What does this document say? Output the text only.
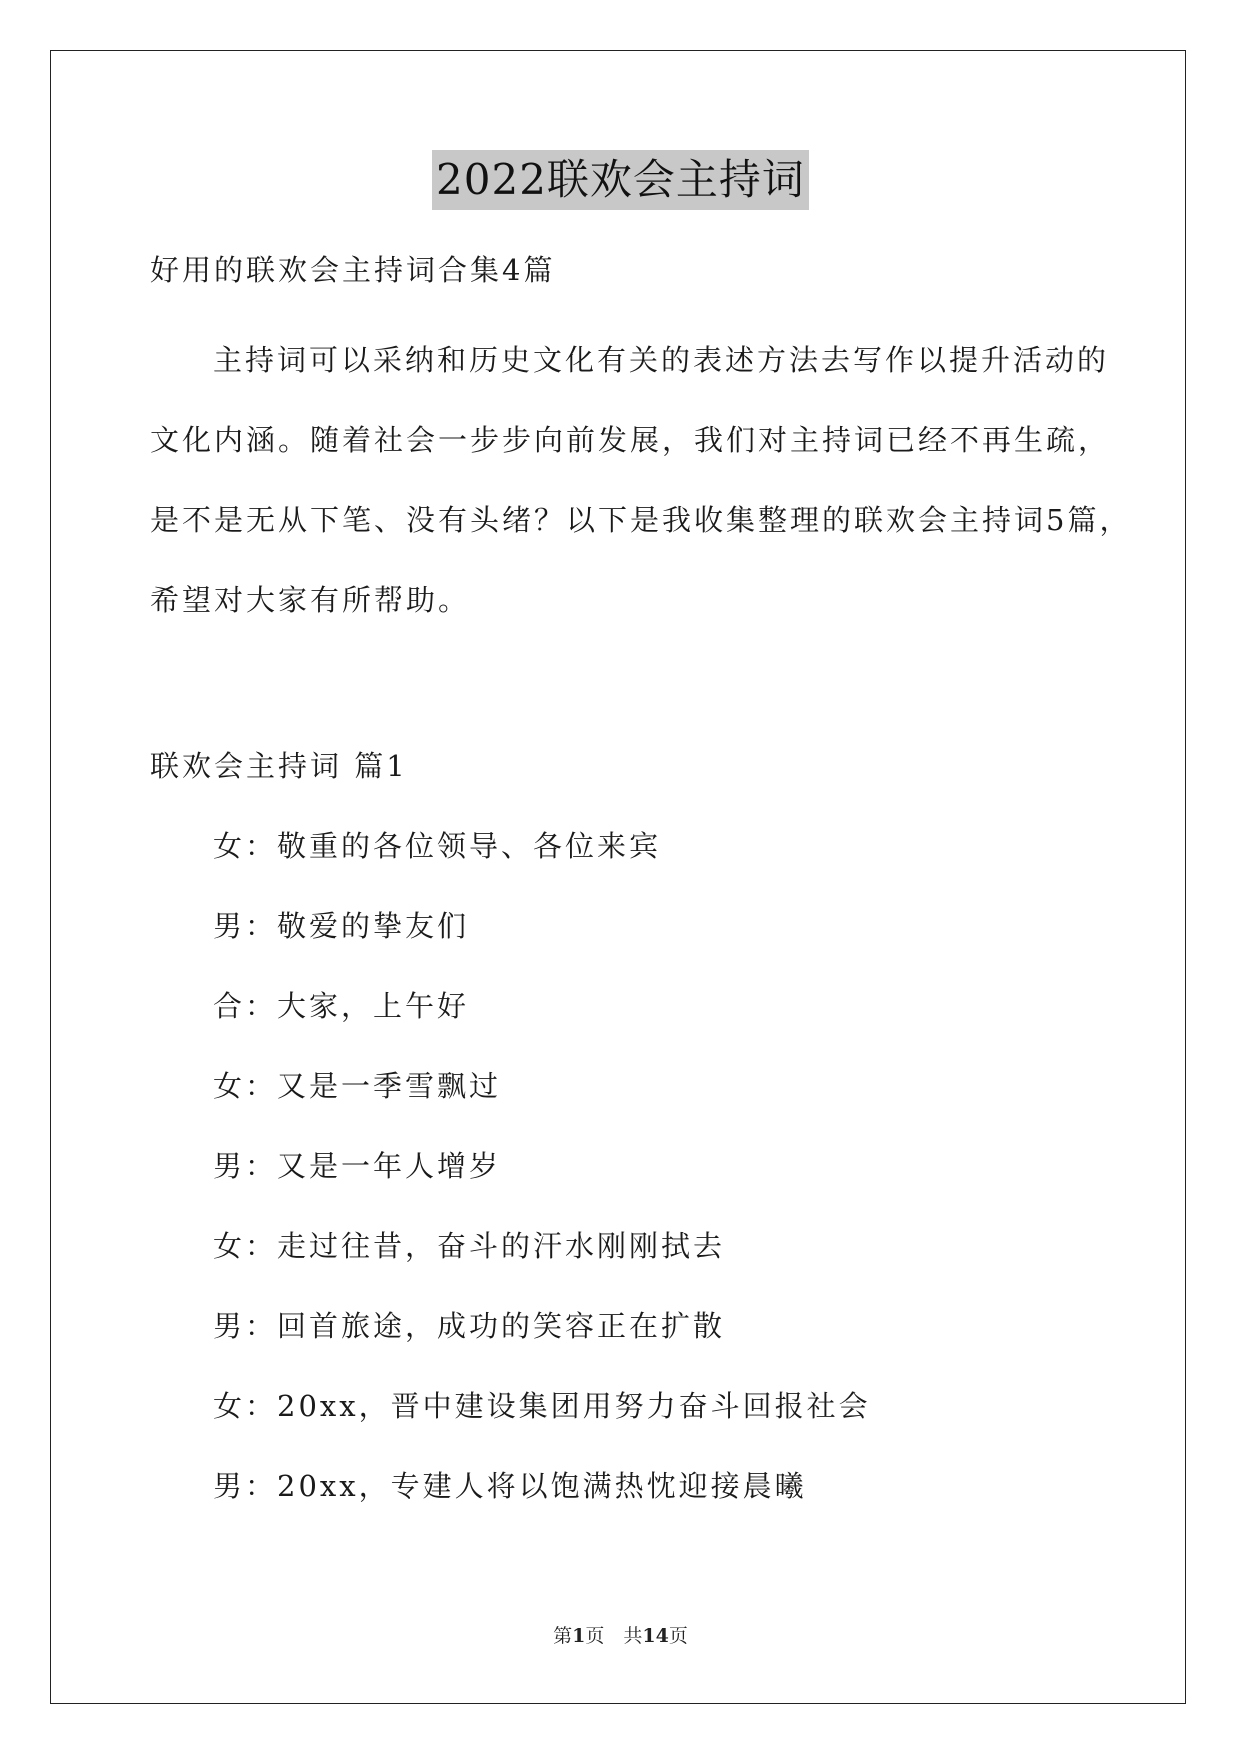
2022联欢会主持词
好用的联欢会主持词合集4篇
主持词可以采纳和历史文化有关的表述方法去写作以提升活动的
文化内涵。随着社会一步步向前发展，我们对主持词已经不再生疏，
是不是无从下笔、没有头绪？以下是我收集整理的联欢会主持词5篇，
希望对大家有所帮助。
联欢会主持词 篇1
女：敬重的各位领导、各位来宾
男：敬爱的挚友们
合：大家，上午好
女：又是一季雪飘过
男：又是一年人增岁
女：走过往昔，奋斗的汗水刚刚拭去
男：回首旅途，成功的笑容正在扩散
女：20xx，晋中建设集团用努力奋斗回报社会
男：20xx，专建人将以饱满热忱迎接晨曦
第1页　共14页
